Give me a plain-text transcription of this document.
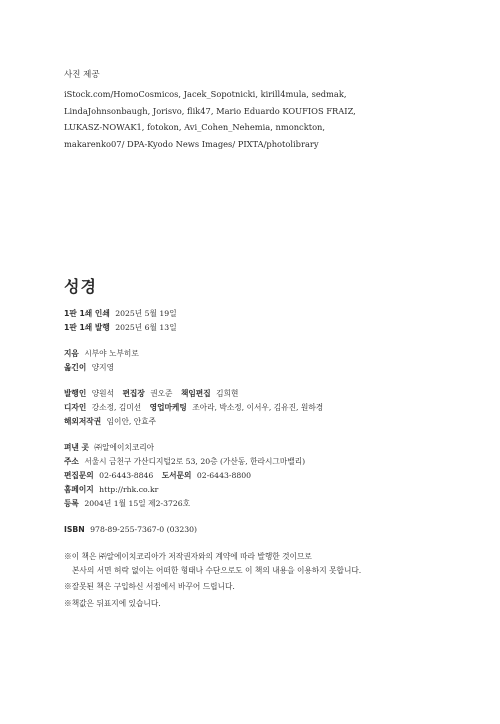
사진 제공
iStock.com/HomoCosmicos, Jacek_Sopotnicki, kirill4mula, sedmak, LindaJohnsonbaugh, Jorisvo, flik47, Mario Eduardo KOUFIOS FRAIZ, LUKASZ-NOWAK1, fotokon, Avi_Cohen_Nehemia, nmonckton, makarenko07/ DPA-Kyodo News Images/ PIXTA/photolibrary
성경
1판 1쇄 인쇄 2025년 5월 19일
1판 1쇄 발행 2025년 6월 13일
지음 시부야 노부히로
옮긴이 양지영
발행인 양원석 편집장 권오준 책임편집 김희현
디자인 강소정, 김미선 영업마케팅 조아라, 박소정, 이서우, 김유진, 원하경
해외저작권 임이안, 안효주
펴낸 곳 ㈜알에이치코리아
주소 서울시 금천구 가산디지털2로 53, 20층 (가산동, 한라시그마밸리)
편집문의 02-6443-8846 도서문의 02-6443-8800
홈페이지 http://rhk.co.kr
등록 2004년 1월 15일 제2-3726호
ISBN 978-89-255-7367-0 (03230)
※이 책은 ㈜알에이치코리아가 저작권자와의 계약에 따라 발행한 것이므로
본사의 서면 허락 없이는 어떠한 형태나 수단으로도 이 책의 내용을 이용하지 못합니다.
※잘못된 책은 구입하신 서점에서 바꾸어 드립니다.
※책값은 뒤표지에 있습니다.
